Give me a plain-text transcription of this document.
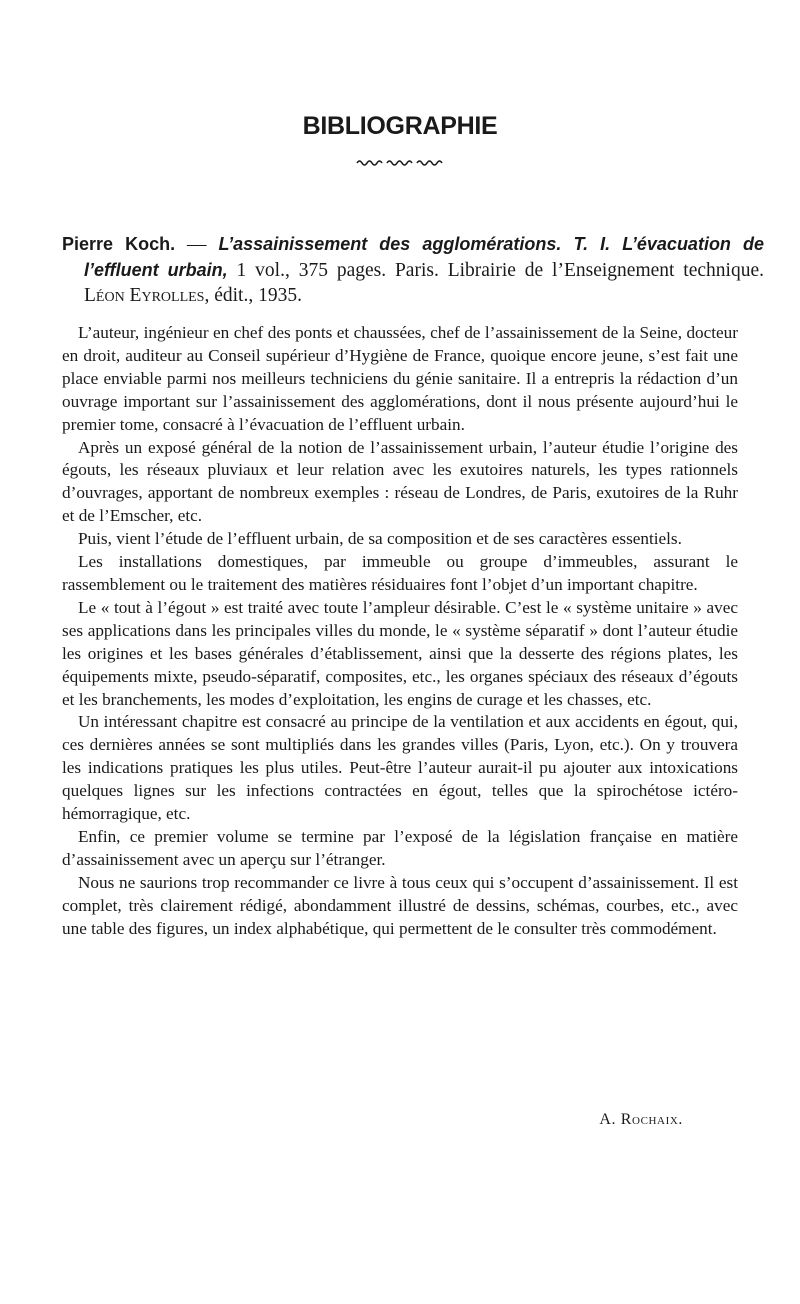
BIBLIOGRAPHIE

Pierre Koch. — L’assainissement des agglomérations. T. I. L’évacuation de l’effluent urbain, 1 vol., 375 pages. Paris. Librairie de l’Enseignement technique. Léon Eyrolles, édit., 1935.

L’auteur, ingénieur en chef des ponts et chaussées, chef de l’assainissement de la Seine, docteur en droit, auditeur au Conseil supérieur d’Hygiène de France, quoique encore jeune, s’est fait une place enviable parmi nos meilleurs techniciens du génie sanitaire. Il a entrepris la rédaction d’un ouvrage important sur l’assainissement des agglomérations, dont il nous présente aujourd’hui le premier tome, consacré à l’évacuation de l’effluent urbain.

Après un exposé général de la notion de l’assainissement urbain, l’auteur étudie l’origine des égouts, les réseaux pluviaux et leur relation avec les exutoires naturels, les types rationnels d’ouvrages, apportant de nombreux exemples : réseau de Londres, de Paris, exutoires de la Ruhr et de l’Emscher, etc.

Puis, vient l’étude de l’effluent urbain, de sa composition et de ses caractères essentiels.

Les installations domestiques, par immeuble ou groupe d’immeubles, assurant le rassemblement ou le traitement des matières résiduaires font l’objet d’un important chapitre.

Le « tout à l’égout » est traité avec toute l’ampleur désirable. C’est le « système unitaire » avec ses applications dans les principales villes du monde, le « système séparatif » dont l’auteur étudie les origines et les bases générales d’établissement, ainsi que la desserte des régions plates, les équipements mixte, pseudo-séparatif, composites, etc., les organes spéciaux des réseaux d’égouts et les branchements, les modes d’exploitation, les engins de curage et les chasses, etc.

Un intéressant chapitre est consacré au principe de la ventilation et aux accidents en égout, qui, ces dernières années se sont multipliés dans les grandes villes (Paris, Lyon, etc.). On y trouvera les indications pratiques les plus utiles. Peut-être l’auteur aurait-il pu ajouter aux intoxications quelques lignes sur les infections contractées en égout, telles que la spirochétose ictéro-hémorragique, etc.

Enfin, ce premier volume se termine par l’exposé de la législation française en matière d’assainissement avec un aperçu sur l’étranger.

Nous ne saurions trop recommander ce livre à tous ceux qui s’occupent d’assainissement. Il est complet, très clairement rédigé, abondamment illustré de dessins, schémas, courbes, etc., avec une table des figures, un index alphabétique, qui permettent de le consulter très commodément.

A. Rochaix.
